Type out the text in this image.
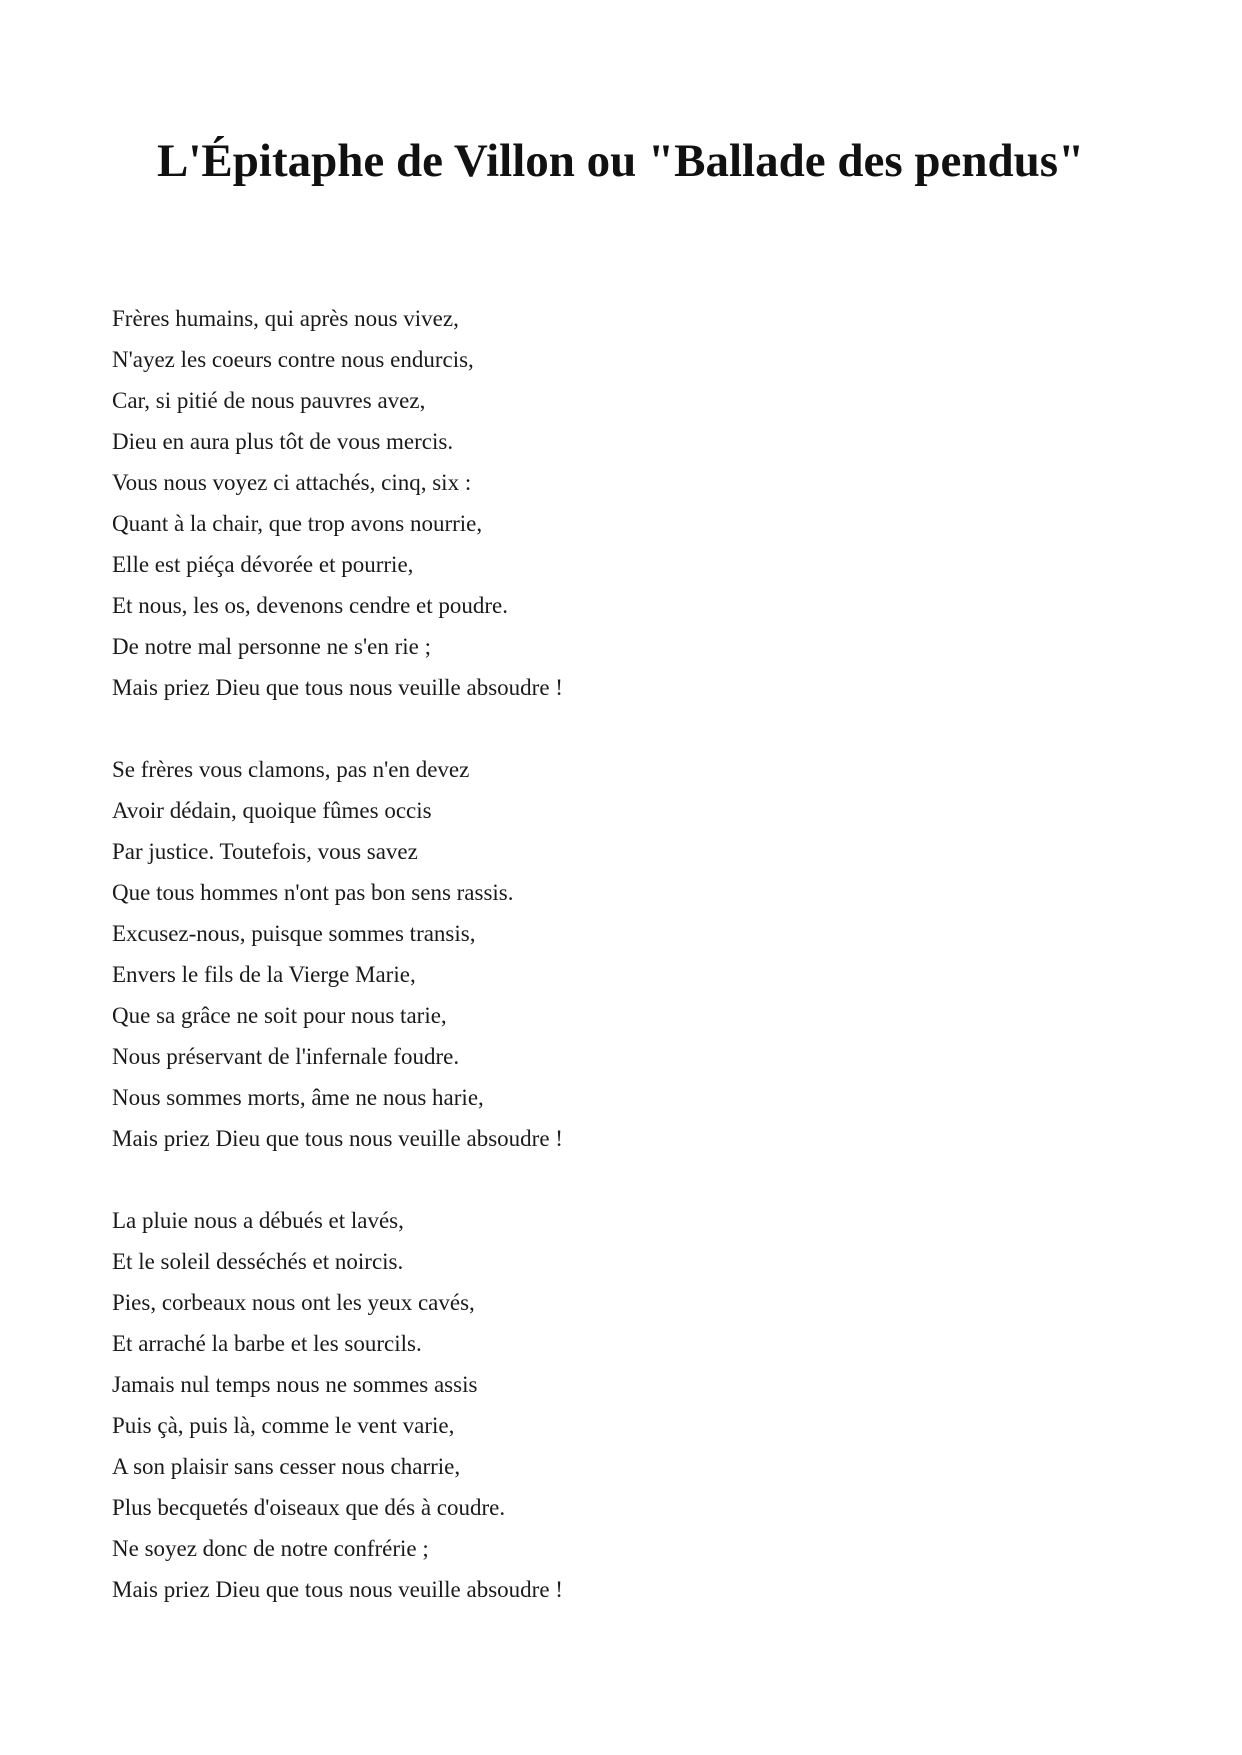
L'Épitaphe de Villon ou "Ballade des pendus"
Frères humains, qui après nous vivez,
N'ayez les coeurs contre nous endurcis,
Car, si pitié de nous pauvres avez,
Dieu en aura plus tôt de vous mercis.
Vous nous voyez ci attachés, cinq, six :
Quant à la chair, que trop avons nourrie,
Elle est piéça dévorée et pourrie,
Et nous, les os, devenons cendre et poudre.
De notre mal personne ne s'en rie ;
Mais priez Dieu que tous nous veuille absoudre !
Se frères vous clamons, pas n'en devez
Avoir dédain, quoique fûmes occis
Par justice. Toutefois, vous savez
Que tous hommes n'ont pas bon sens rassis.
Excusez-nous, puisque sommes transis,
Envers le fils de la Vierge Marie,
Que sa grâce ne soit pour nous tarie,
Nous préservant de l'infernale foudre.
Nous sommes morts, âme ne nous harie,
Mais priez Dieu que tous nous veuille absoudre !
La pluie nous a débués et lavés,
Et le soleil desséchés et noircis.
Pies, corbeaux nous ont les yeux cavés,
Et arraché la barbe et les sourcils.
Jamais nul temps nous ne sommes assis
Puis çà, puis là, comme le vent varie,
A son plaisir sans cesser nous charrie,
Plus becquetés d'oiseaux que dés à coudre.
Ne soyez donc de notre confrérie ;
Mais priez Dieu que tous nous veuille absoudre !
